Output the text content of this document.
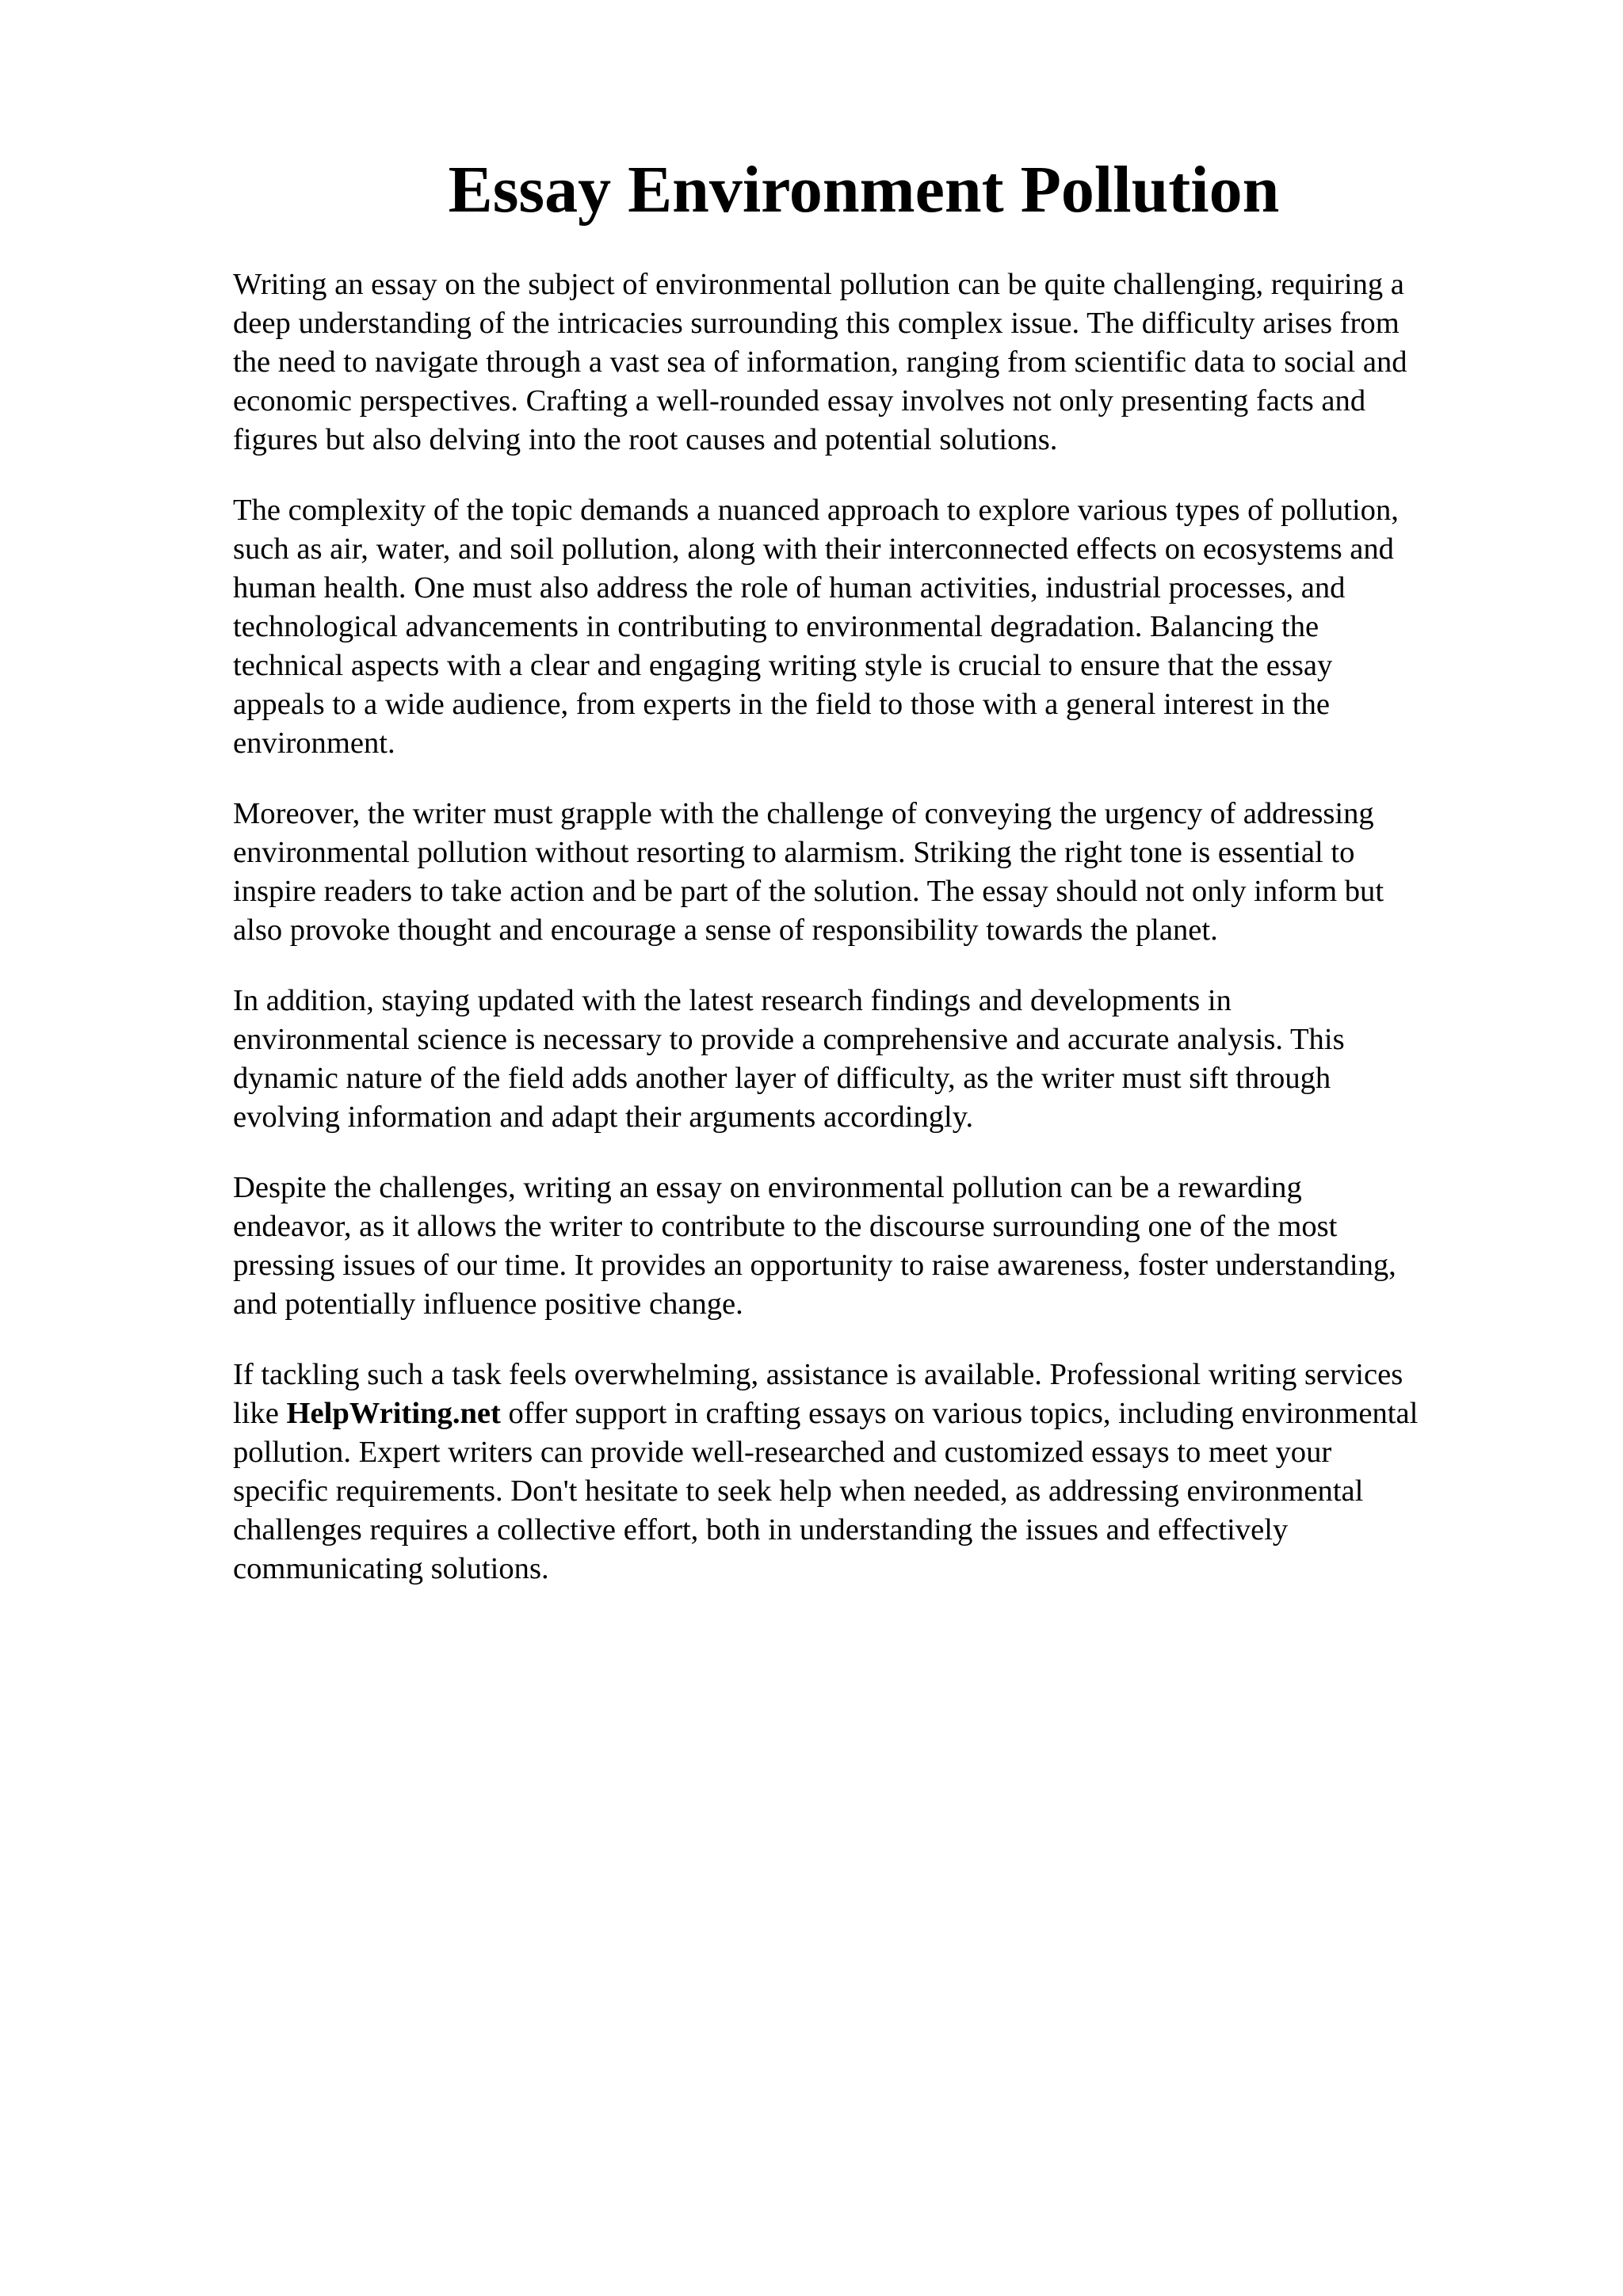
Essay Environment Pollution

Writing an essay on the subject of environmental pollution can be quite challenging, requiring a
deep understanding of the intricacies surrounding this complex issue. The difficulty arises from
the need to navigate through a vast sea of information, ranging from scientific data to social and
economic perspectives. Crafting a well-rounded essay involves not only presenting facts and
figures but also delving into the root causes and potential solutions.

The complexity of the topic demands a nuanced approach to explore various types of pollution,
such as air, water, and soil pollution, along with their interconnected effects on ecosystems and
human health. One must also address the role of human activities, industrial processes, and
technological advancements in contributing to environmental degradation. Balancing the
technical aspects with a clear and engaging writing style is crucial to ensure that the essay
appeals to a wide audience, from experts in the field to those with a general interest in the
environment.

Moreover, the writer must grapple with the challenge of conveying the urgency of addressing
environmental pollution without resorting to alarmism. Striking the right tone is essential to
inspire readers to take action and be part of the solution. The essay should not only inform but
also provoke thought and encourage a sense of responsibility towards the planet.

In addition, staying updated with the latest research findings and developments in
environmental science is necessary to provide a comprehensive and accurate analysis. This
dynamic nature of the field adds another layer of difficulty, as the writer must sift through
evolving information and adapt their arguments accordingly.

Despite the challenges, writing an essay on environmental pollution can be a rewarding
endeavor, as it allows the writer to contribute to the discourse surrounding one of the most
pressing issues of our time. It provides an opportunity to raise awareness, foster understanding,
and potentially influence positive change.

If tackling such a task feels overwhelming, assistance is available. Professional writing services
like HelpWriting.net offer support in crafting essays on various topics, including environmental
pollution. Expert writers can provide well-researched and customized essays to meet your
specific requirements. Don't hesitate to seek help when needed, as addressing environmental
challenges requires a collective effort, both in understanding the issues and effectively
communicating solutions.
